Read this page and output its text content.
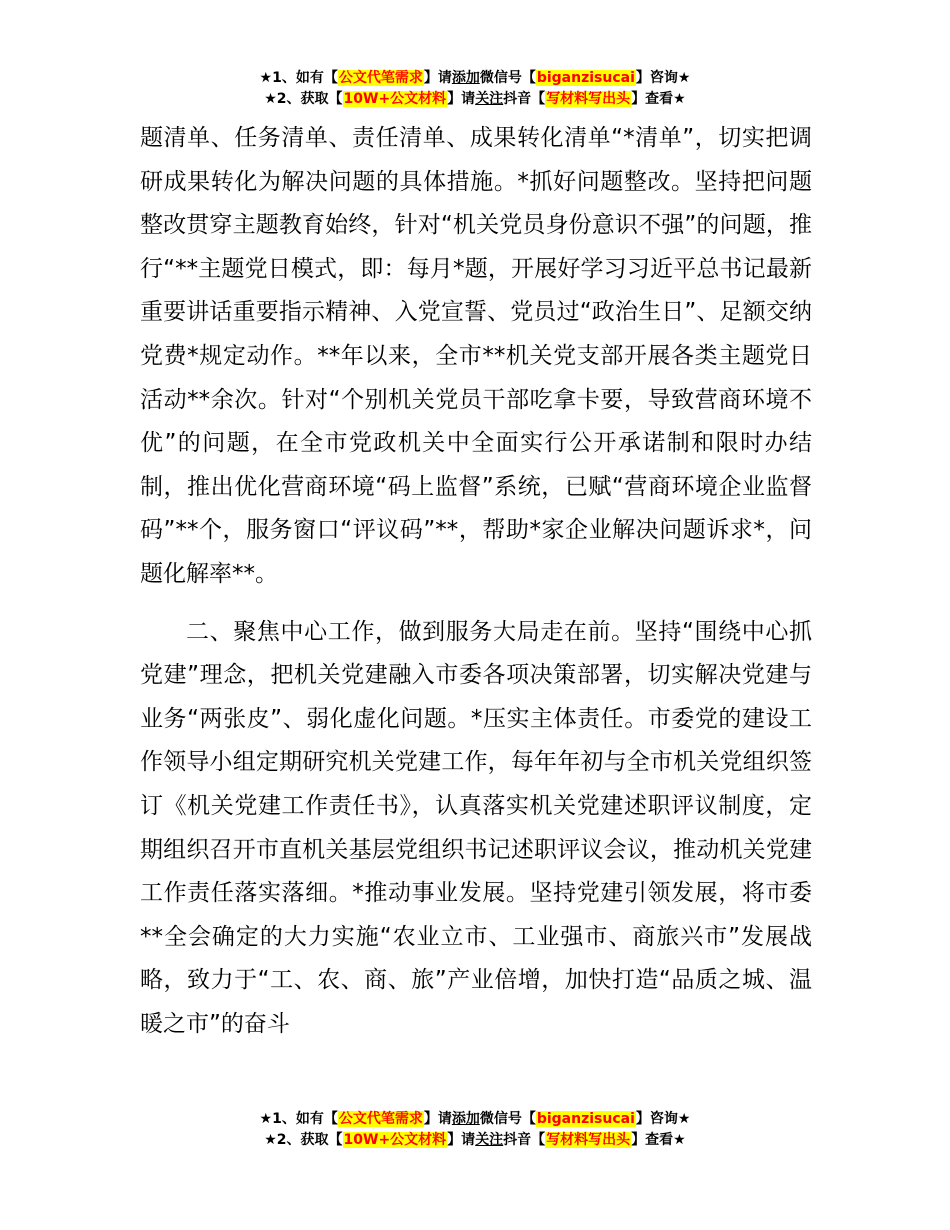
★1、如有【公文代笔需求】请添加微信号【biganzisucai】咨询★
★2、获取【10W+公文材料】请关注抖音【写材料写出头】查看★

题清单、任务清单、责任清单、成果转化清单“*清单”，切实把调研成果转化为解决问题的具体措施。*抓好问题整改。坚持把问题整改贯穿主题教育始终，针对“机关党员身份意识不强”的问题，推行“**主题党日模式，即：每月*题，开展好学习习近平总书记最新重要讲话重要指示精神、入党宣誓、党员过“政治生日”、足额交纳党费*规定动作。**年以来，全市**机关党支部开展各类主题党日活动**余次。针对“个别机关党员干部吃拿卡要，导致营商环境不优”的问题，在全市党政机关中全面实行公开承诺制和限时办结制，推出优化营商环境“码上监督”系统，已赋“营商环境企业监督码”**个，服务窗口“评议码”**，帮助*家企业解决问题诉求*，问题化解率**。

二、聚焦中心工作，做到服务大局走在前。坚持“围绕中心抓党建”理念，把机关党建融入市委各项决策部署，切实解决党建与业务“两张皮”、弱化虚化问题。*压实主体责任。市委党的建设工作领导小组定期研究机关党建工作，每年年初与全市机关党组织签订《机关党建工作责任书》，认真落实机关党建述职评议制度，定期组织召开市直机关基层党组织书记述职评议会议，推动机关党建工作责任落实落细。*推动事业发展。坚持党建引领发展，将市委**全会确定的大力实施“农业立市、工业强市、商旅兴市”发展战略，致力于“工、农、商、旅”产业倍增，加快打造“品质之城、温暖之市”的奋斗

★1、如有【公文代笔需求】请添加微信号【biganzisucai】咨询★
★2、获取【10W+公文材料】请关注抖音【写材料写出头】查看★
